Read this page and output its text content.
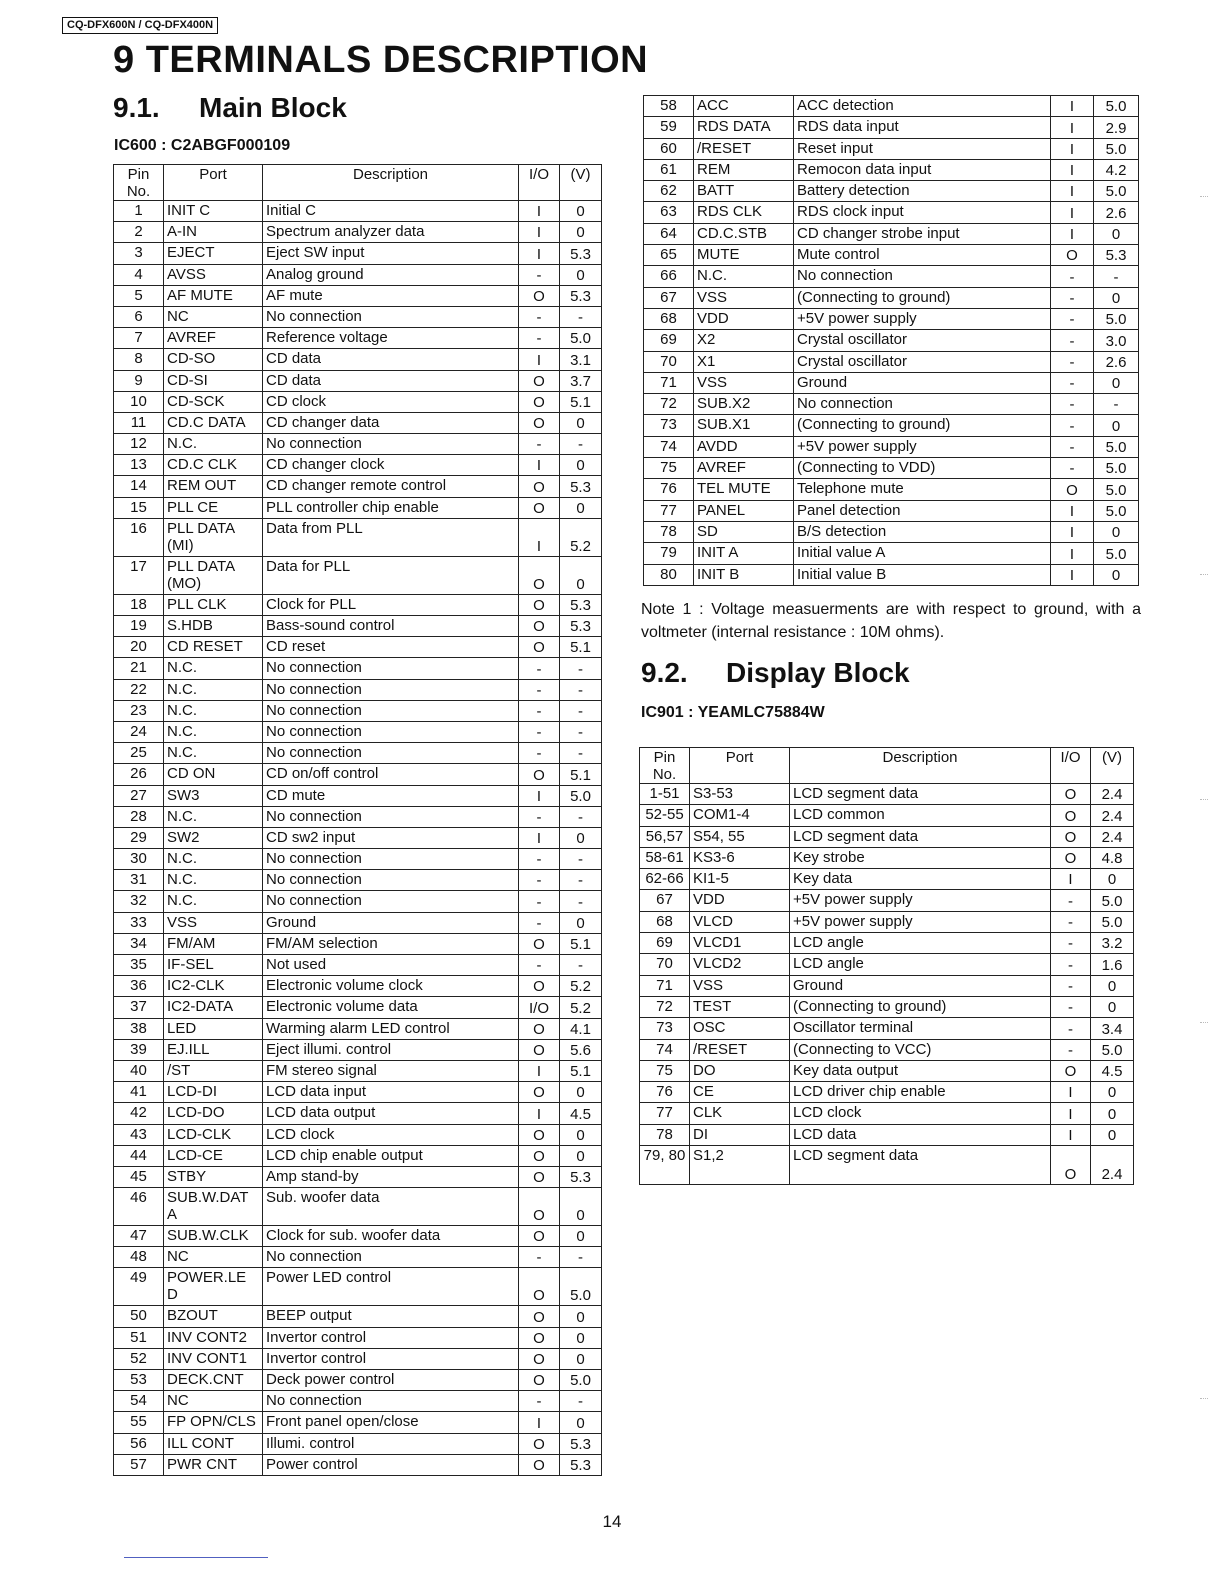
CQ-DFX600N / CQ-DFX400N
9 TERMINALS DESCRIPTION
9.1. Main Block
IC600 : C2ABGF000109
Pin
No.	Port	Description	I/O	(V)
1	INIT C	Initial C	I	0
2	A-IN	Spectrum analyzer data	I	0
3	EJECT	Eject SW input	I	5.3
4	AVSS	Analog ground	-	0
5	AF MUTE	AF mute	O	5.3
6	NC	No connection	-	-
7	AVREF	Reference voltage	-	5.0
8	CD-SO	CD data	I	3.1
9	CD-SI	CD data	O	3.7
10	CD-SCK	CD clock	O	5.1
11	CD.C DATA	CD changer data	O	0
12	N.C.	No connection	-	-
13	CD.C CLK	CD changer clock	I	0
14	REM OUT	CD changer remote control	O	5.3
15	PLL CE	PLL controller chip enable	O	0
16	PLL DATA (MI)	Data from PLL	I	5.2
17	PLL DATA (MO)	Data for PLL	O	0
18	PLL CLK	Clock for PLL	O	5.3
19	S.HDB	Bass-sound control	O	5.3
20	CD RESET	CD reset	O	5.1
21	N.C.	No connection	-	-
22	N.C.	No connection	-	-
23	N.C.	No connection	-	-
24	N.C.	No connection	-	-
25	N.C.	No connection	-	-
26	CD ON	CD on/off control	O	5.1
27	SW3	CD mute	I	5.0
28	N.C.	No connection	-	-
29	SW2	CD sw2 input	I	0
30	N.C.	No connection	-	-
31	N.C.	No connection	-	-
32	N.C.	No connection	-	-
33	VSS	Ground	-	0
34	FM/AM	FM/AM selection	O	5.1
35	IF-SEL	Not used	-	-
36	IC2-CLK	Electronic volume clock	O	5.2
37	IC2-DATA	Electronic volume data	I/O	5.2
38	LED	Warming alarm LED control	O	4.1
39	EJ.ILL	Eject illumi. control	O	5.6
40	/ST	FM stereo signal	I	5.1
41	LCD-DI	LCD data input	O	0
42	LCD-DO	LCD data output	I	4.5
43	LCD-CLK	LCD clock	O	0
44	LCD-CE	LCD chip enable output	O	0
45	STBY	Amp stand-by	O	5.3
46	SUB.W.DAT A	Sub. woofer data	O	0
47	SUB.W.CLK	Clock for sub. woofer data	O	0
48	NC	No connection	-	-
49	POWER.LE D	Power LED control	O	5.0
50	BZOUT	BEEP output	O	0
51	INV CONT2	Invertor control	O	0
52	INV CONT1	Invertor control	O	0
53	DECK.CNT	Deck power control	O	5.0
54	NC	No connection	-	-
55	FP OPN/CLS	Front panel open/close	I	0
56	ILL CONT	Illumi. control	O	5.3
57	PWR CNT	Power control	O	5.3
58	ACC	ACC detection	I	5.0
59	RDS DATA	RDS data input	I	2.9
60	/RESET	Reset input	I	5.0
61	REM	Remocon data input	I	4.2
62	BATT	Battery detection	I	5.0
63	RDS CLK	RDS clock input	I	2.6
64	CD.C.STB	CD changer strobe input	I	0
65	MUTE	Mute control	O	5.3
66	N.C.	No connection	-	-
67	VSS	(Connecting to ground)	-	0
68	VDD	+5V power supply	-	5.0
69	X2	Crystal oscillator	-	3.0
70	X1	Crystal oscillator	-	2.6
71	VSS	Ground	-	0
72	SUB.X2	No connection	-	-
73	SUB.X1	(Connecting to ground)	-	0
74	AVDD	+5V power supply	-	5.0
75	AVREF	(Connecting to VDD)	-	5.0
76	TEL MUTE	Telephone mute	O	5.0
77	PANEL	Panel detection	I	5.0
78	SD	B/S detection	I	0
79	INIT A	Initial value A	I	5.0
80	INIT B	Initial value B	I	0

Note 1 : Voltage measuerments are with respect to ground, with a voltmeter (internal resistance : 10M ohms).

9.2. Display Block
IC901 : YEAMLC75884W
Pin
No.	Port	Description	I/O	(V)
1-51	S3-53	LCD segment data	O	2.4
52-55	COM1-4	LCD common	O	2.4
56,57	S54, 55	LCD segment data	O	2.4
58-61	KS3-6	Key strobe	O	4.8
62-66	KI1-5	Key data	I	0
67	VDD	+5V power supply	-	5.0
68	VLCD	+5V power supply	-	5.0
69	VLCD1	LCD angle	-	3.2
70	VLCD2	LCD angle	-	1.6
71	VSS	Ground	-	0
72	TEST	(Connecting to ground)	-	0
73	OSC	Oscillator terminal	-	3.4
74	/RESET	(Connecting to VCC)	-	5.0
75	DO	Key data output	O	4.5
76	CE	LCD driver chip enable	I	0
77	CLK	LCD clock	I	0
78	DI	LCD data	I	0
79, 80	S1,2	LCD segment data	O	2.4
14
